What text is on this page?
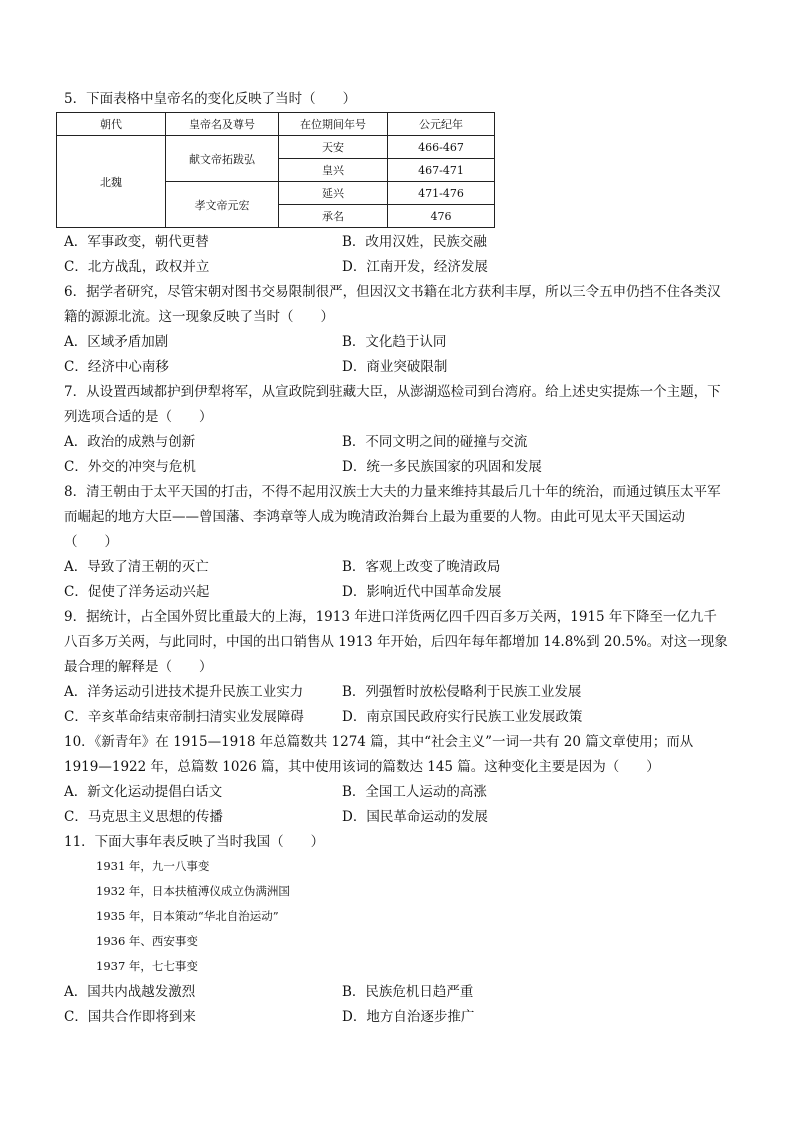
5．下面表格中皇帝名的变化反映了当时（　　）

朝代	皇帝名及尊号	在位期间年号	公元纪年
北魏	献文帝拓跋弘	天安	466-467
		皇兴	467-471
	孝文帝元宏	延兴	471-476
		承名	476
A．军事政变，朝代更替	B．改用汉姓，民族交融
C．北方战乱，政权并立	D．江南开发，经济发展

6．据学者研究，尽管宋朝对图书交易限制很严，但因汉文书籍在北方获利丰厚，所以三令五申仍挡不住各类汉籍的源源北流。这一现象反映了当时（　　）

A．区域矛盾加剧	B．文化趋于认同
C．经济中心南移	D．商业突破限制

7．从设置西域都护到伊犁将军，从宣政院到驻藏大臣，从澎湖巡检司到台湾府。给上述史实提炼一个主题，下列选项合适的是（　　）

A．政治的成熟与创新	B．不同文明之间的碰撞与交流
C．外交的冲突与危机	D．统一多民族国家的巩固和发展

8．清王朝由于太平天国的打击，不得不起用汉族士大夫的力量来维持其最后几十年的统治，而通过镇压太平军而崛起的地方大臣——曾国藩、李鸿章等人成为晚清政治舞台上最为重要的人物。由此可见太平天国运动（　　）

A．导致了清王朝的灭亡	B．客观上改变了晚清政局
C．促使了洋务运动兴起	D．影响近代中国革命发展

9．据统计，占全国外贸比重最大的上海，1913 年进口洋货两亿四千四百多万关两，1915 年下降至一亿九千八百多万关两，与此同时，中国的出口销售从 1913 年开始，后四年每年都增加 14.8%到 20.5%。对这一现象最合理的解释是（　　）

A．洋务运动引进技术提升民族工业实力	B．列强暂时放松侵略利于民族工业发展
C．辛亥革命结束帝制扫清实业发展障碍	D．南京国民政府实行民族工业发展政策

10．《新青年》在 1915—1918 年总篇数共 1274 篇，其中“社会主义”一词一共有 20 篇文章使用；而从 1919—1922 年，总篇数 1026 篇，其中使用该词的篇数达 145 篇。这种变化主要是因为（　　）

A．新文化运动提倡白话文	B．全国工人运动的高涨
C．马克思主义思想的传播	D．国民革命运动的发展

11．下面大事年表反映了当时我国（　　）

1931 年，九一八事变
1932 年，日本扶植溥仪成立伪满洲国
1935 年，日本策动“华北自治运动”
1936 年、西安事变
1937 年，七七事变
A．国共内战越发激烈	B．民族危机日趋严重
C．国共合作即将到来	D．地方自治逐步推广
